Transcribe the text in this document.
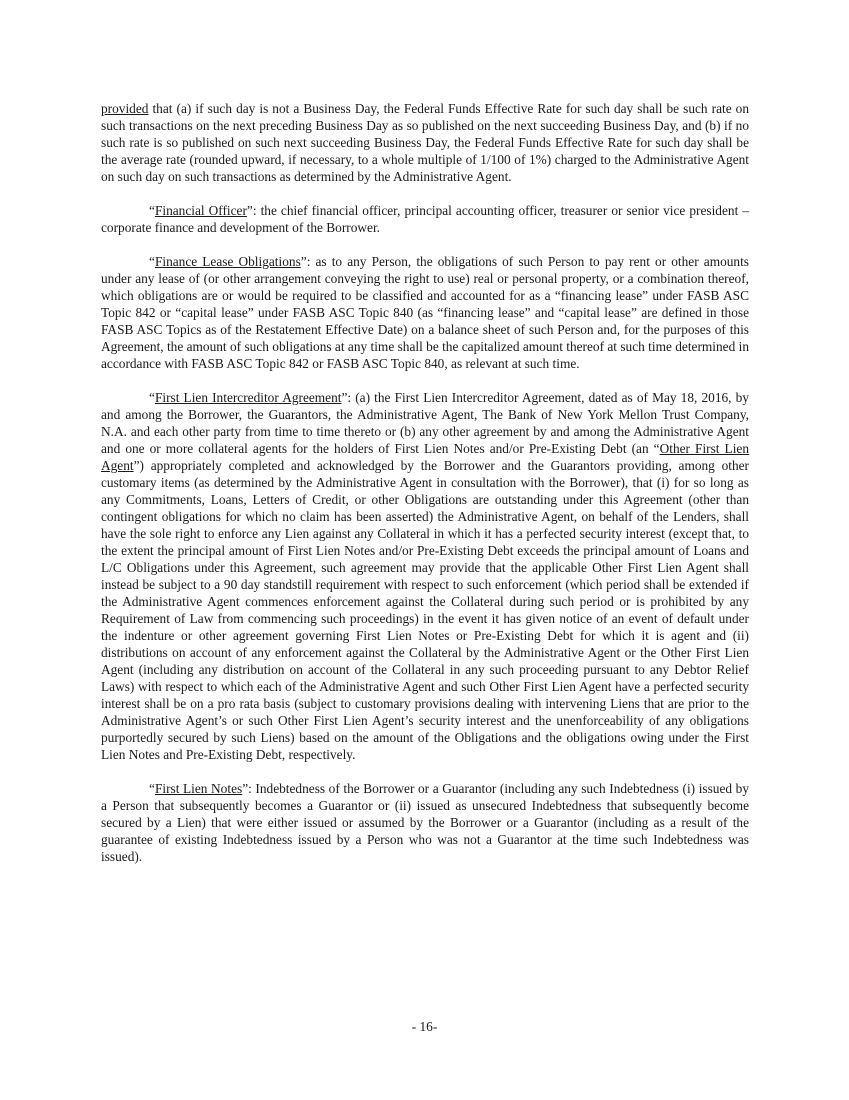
provided that (a) if such day is not a Business Day, the Federal Funds Effective Rate for such day shall be such rate on such transactions on the next preceding Business Day as so published on the next succeeding Business Day, and (b) if no such rate is so published on such next succeeding Business Day, the Federal Funds Effective Rate for such day shall be the average rate (rounded upward, if necessary, to a whole multiple of 1/100 of 1%) charged to the Administrative Agent on such day on such transactions as determined by the Administrative Agent.

“Financial Officer”: the chief financial officer, principal accounting officer, treasurer or senior vice president – corporate finance and development of the Borrower.

“Finance Lease Obligations”: as to any Person, the obligations of such Person to pay rent or other amounts under any lease of (or other arrangement conveying the right to use) real or personal property, or a combination thereof, which obligations are or would be required to be classified and accounted for as a “financing lease” under FASB ASC Topic 842 or “capital lease” under FASB ASC Topic 840 (as “financing lease” and “capital lease” are defined in those FASB ASC Topics as of the Restatement Effective Date) on a balance sheet of such Person and, for the purposes of this Agreement, the amount of such obligations at any time shall be the capitalized amount thereof at such time determined in accordance with FASB ASC Topic 842 or FASB ASC Topic 840, as relevant at such time.

“First Lien Intercreditor Agreement”: (a) the First Lien Intercreditor Agreement, dated as of May 18, 2016, by and among the Borrower, the Guarantors, the Administrative Agent, The Bank of New York Mellon Trust Company, N.A. and each other party from time to time thereto or (b) any other agreement by and among the Administrative Agent and one or more collateral agents for the holders of First Lien Notes and/or Pre-Existing Debt (an “Other First Lien Agent”) appropriately completed and acknowledged by the Borrower and the Guarantors providing, among other customary items (as determined by the Administrative Agent in consultation with the Borrower), that (i) for so long as any Commitments, Loans, Letters of Credit, or other Obligations are outstanding under this Agreement (other than contingent obligations for which no claim has been asserted) the Administrative Agent, on behalf of the Lenders, shall have the sole right to enforce any Lien against any Collateral in which it has a perfected security interest (except that, to the extent the principal amount of First Lien Notes and/or Pre-Existing Debt exceeds the principal amount of Loans and L/C Obligations under this Agreement, such agreement may provide that the applicable Other First Lien Agent shall instead be subject to a 90 day standstill requirement with respect to such enforcement (which period shall be extended if the Administrative Agent commences enforcement against the Collateral during such period or is prohibited by any Requirement of Law from commencing such proceedings) in the event it has given notice of an event of default under the indenture or other agreement governing First Lien Notes or Pre-Existing Debt for which it is agent and (ii) distributions on account of any enforcement against the Collateral by the Administrative Agent or the Other First Lien Agent (including any distribution on account of the Collateral in any such proceeding pursuant to any Debtor Relief Laws) with respect to which each of the Administrative Agent and such Other First Lien Agent have a perfected security interest shall be on a pro rata basis (subject to customary provisions dealing with intervening Liens that are prior to the Administrative Agent’s or such Other First Lien Agent’s security interest and the unenforceability of any obligations purportedly secured by such Liens) based on the amount of the Obligations and the obligations owing under the First Lien Notes and Pre-Existing Debt, respectively.

“First Lien Notes”: Indebtedness of the Borrower or a Guarantor (including any such Indebtedness (i) issued by a Person that subsequently becomes a Guarantor or (ii) issued as unsecured Indebtedness that subsequently become secured by a Lien) that were either issued or assumed by the Borrower or a Guarantor (including as a result of the guarantee of existing Indebtedness issued by a Person who was not a Guarantor at the time such Indebtedness was issued).

- 16-
